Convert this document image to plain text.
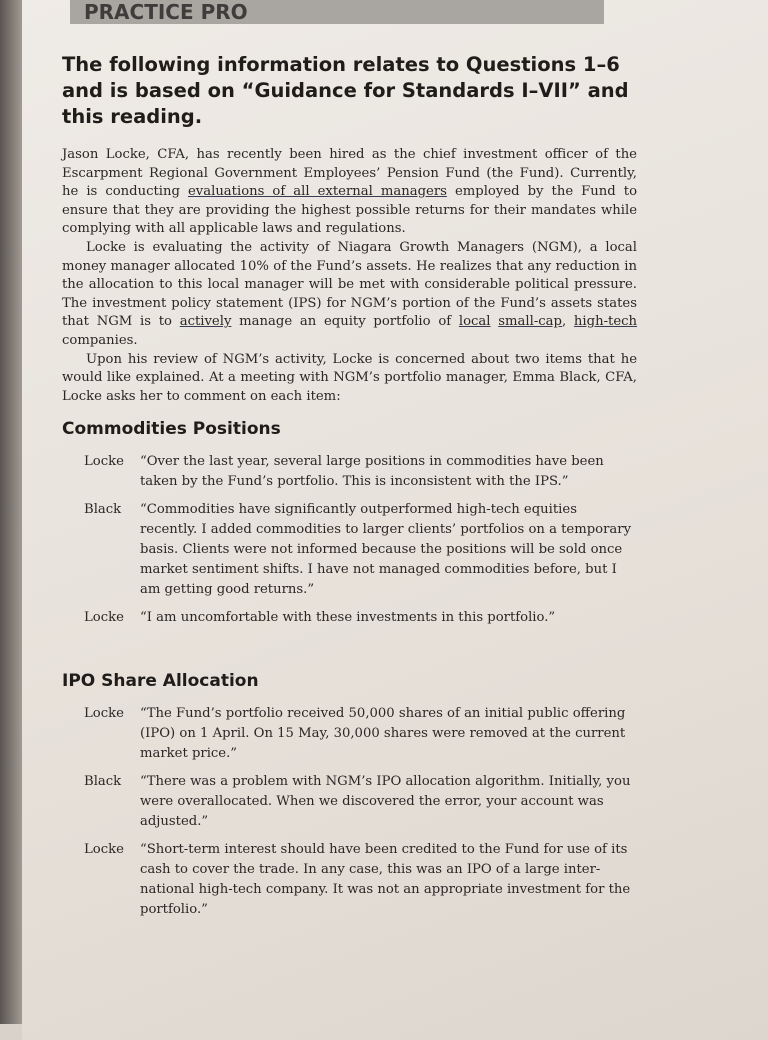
PRACTICE PRO
The following information relates to Questions 1–6 and is based on “Guidance for Standards I–VII” and this reading.

Jason Locke, CFA, has recently been hired as the chief investment officer of the Escarpment Regional Government Employees’ Pension Fund (the Fund). Currently, he is conducting evaluations of all external managers employed by the Fund to ensure that they are providing the highest possible returns for their mandates while complying with all applicable laws and regulations.

Locke is evaluating the activity of Niagara Growth Managers (NGM), a local money manager allocated 10% of the Fund’s assets. He realizes that any reduction in the allocation to this local manager will be met with considerable political pressure. The investment policy statement (IPS) for NGM’s portion of the Fund’s assets states that NGM is to actively manage an equity portfolio of local small-cap, high-tech companies.

Upon his review of NGM’s activity, Locke is concerned about two items that he would like explained. At a meeting with NGM’s portfolio manager, Emma Black, CFA, Locke asks her to comment on each item:

Commodities Positions
Locke	“Over the last year, several large positions in commodities have been taken by the Fund’s portfolio. This is inconsistent with the IPS.”
Black	“Commodities have significantly outperformed high-tech equities recently. I added commodities to larger clients’ portfolios on a temporary basis. Clients were not informed because the positions will be sold once market sentiment shifts. I have not managed commodities before, but I am getting good returns.”
Locke	“I am uncomfortable with these investments in this portfolio.”
IPO Share Allocation
Locke	“The Fund’s portfolio received 50,000 shares of an initial public offering (IPO) on 1 April. On 15 May, 30,000 shares were removed at the current market price.”
Black	“There was a problem with NGM’s IPO allocation algorithm. Initially, you were overallocated. When we discovered the error, your account was adjusted.”
Locke	“Short-term interest should have been credited to the Fund for use of its cash to cover the trade. In any case, this was an IPO of a large international high-tech company. It was not an appropriate investment for the portfolio.”
